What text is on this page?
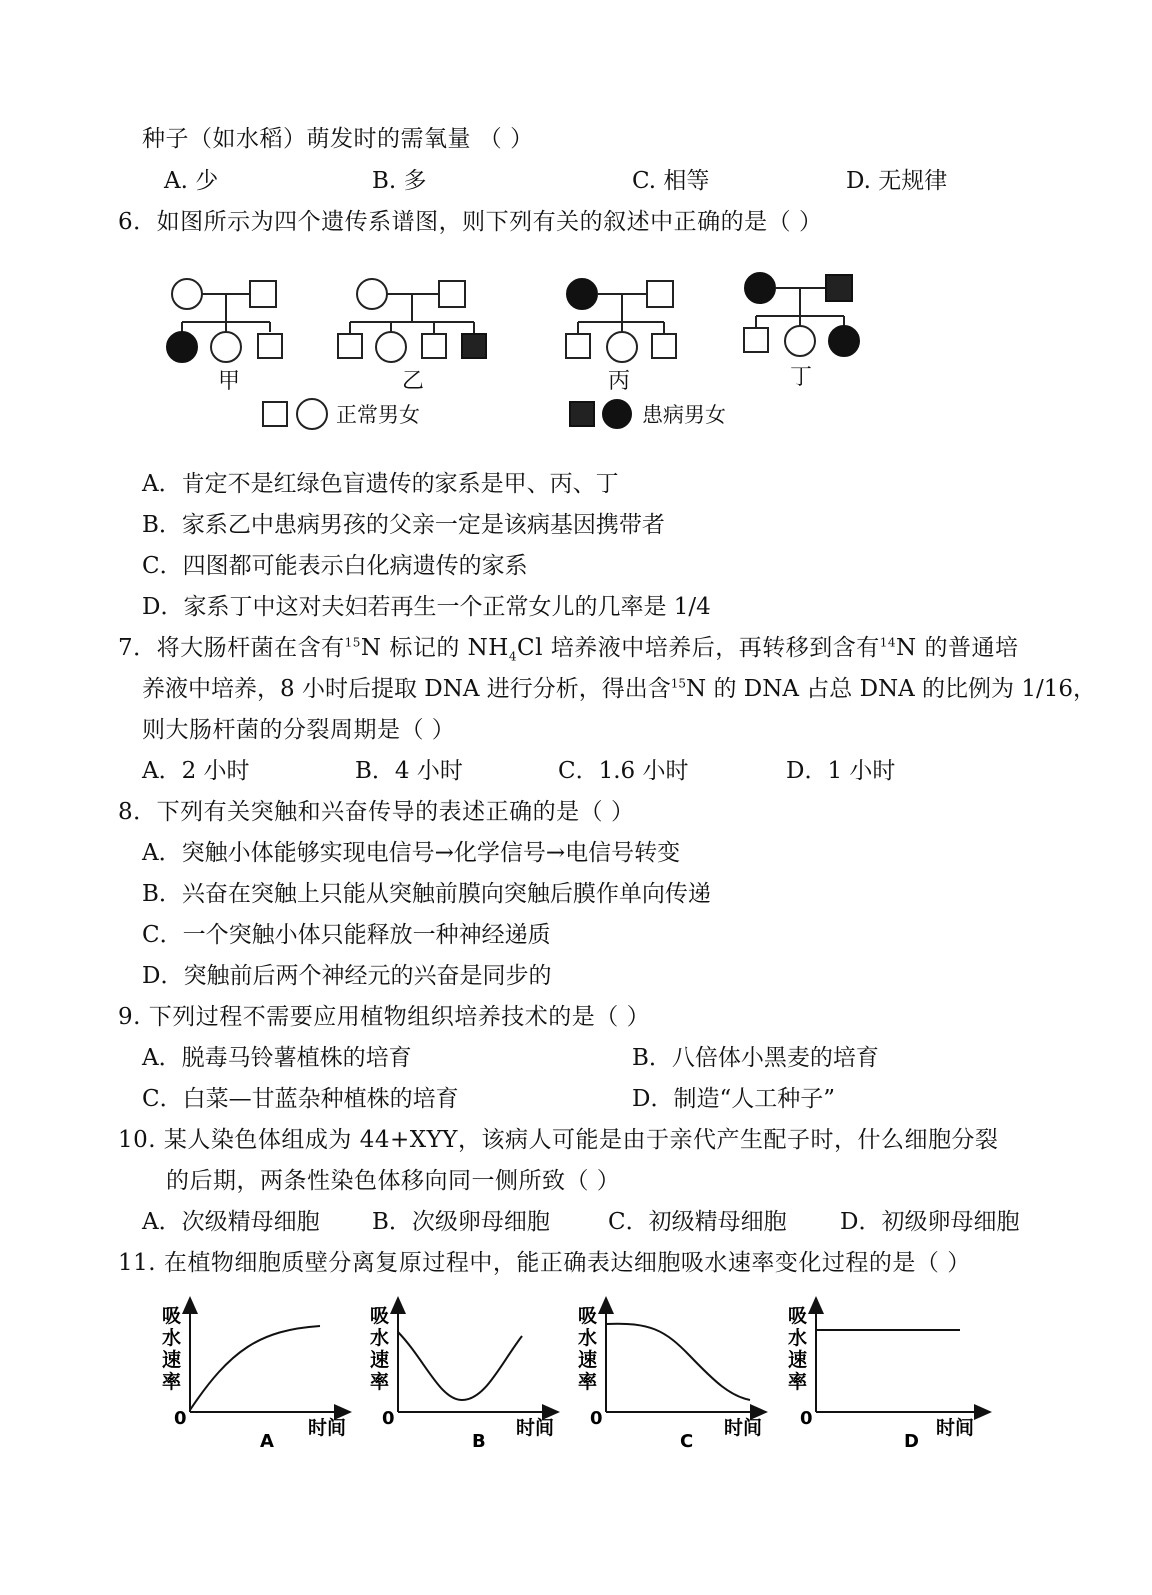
种子（如水稻）萌发时的需氧量 （ ）
A. 少	B. 多	C. 相等	D. 无规律
6．如图所示为四个遗传系谱图，则下列有关的叙述中正确的是（ ）
甲	乙	丙	丁
正常男女	患病男女
A．肯定不是红绿色盲遗传的家系是甲、丙、丁
B．家系乙中患病男孩的父亲一定是该病基因携带者
C．四图都可能表示白化病遗传的家系
D．家系丁中这对夫妇若再生一个正常女儿的几率是 1/4
7．将大肠杆菌在含有$^{15}$N 标记的 $NH_4Cl$ 培养液中培养后，再转移到含有$^{14}$N 的普通培
养液中培养，8 小时后提取 DNA 进行分析，得出含$^{15}$N 的 DNA 占总 DNA 的比例为 1/16，
则大肠杆菌的分裂周期是（ ）
A．2 小时	B．4 小时	C．1.6 小时	D．1 小时
8．下列有关突触和兴奋传导的表述正确的是（ ）
A．突触小体能够实现电信号→化学信号→电信号转变
B．兴奋在突触上只能从突触前膜向突触后膜作单向传递
C．一个突触小体只能释放一种神经递质
D．突触前后两个神经元的兴奋是同步的
9. 下列过程不需要应用植物组织培养技术的是（ ）
A．脱毒马铃薯植株的培育	B．八倍体小黑麦的培育
C．白菜—甘蓝杂种植株的培育	D．制造“人工种子”
10. 某人染色体组成为 44+XYY，该病人可能是由于亲代产生配子时，什么细胞分裂
的后期，两条性染色体移向同一侧所致（ ）
A．次级精母细胞 B．次级卵母细胞	C．初级精母细胞 D．初级卵母细胞
11. 在植物细胞质壁分离复原过程中，能正确表达细胞吸水速率变化过程的是（ ）
吸
水
速
率
0	时间
A
吸
水
速
率
0	时间
B
吸
水
速
率
0	时间
C
吸
水
速
率
0	时间
D
